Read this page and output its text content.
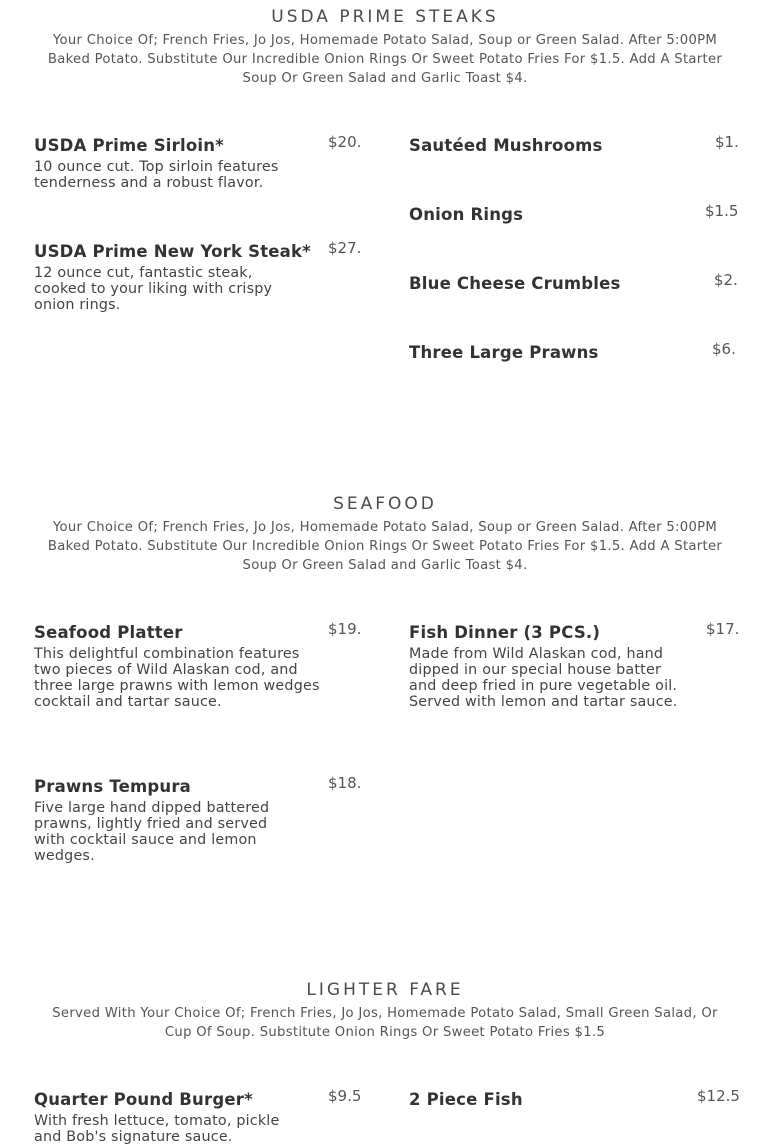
USDA PRIME STEAKS

Your Choice Of; French Fries, Jo Jos, Homemade Potato Salad, Soup or Green Salad. After 5:00PM Baked Potato. Substitute Our Incredible Onion Rings Or Sweet Potato Fries For $1.5. Add A Starter Soup Or Green Salad and Garlic Toast $4.

USDA Prime Sirloin*	$20.
10 ounce cut. Top sirloin features tenderness and a robust flavor.
USDA Prime New York Steak*	$27.
12 ounce cut, fantastic steak, cooked to your liking with crispy onion rings.
Sautéed Mushrooms	$1.
Onion Rings	$1.5
Blue Cheese Crumbles	$2.
Three Large Prawns	$6.
SEAFOOD

Your Choice Of; French Fries, Jo Jos, Homemade Potato Salad, Soup or Green Salad. After 5:00PM Baked Potato. Substitute Our Incredible Onion Rings Or Sweet Potato Fries For $1.5. Add A Starter Soup Or Green Salad and Garlic Toast $4.

Seafood Platter	$19.
This delightful combination features two pieces of Wild Alaskan cod, and three large prawns with lemon wedges cocktail and tartar sauce.
Fish Dinner (3 PCS.)	$17.
Made from Wild Alaskan cod, hand dipped in our special house batter and deep fried in pure vegetable oil. Served with lemon and tartar sauce.
Prawns Tempura	$18.
Five large hand dipped battered prawns, lightly fried and served with cocktail sauce and lemon wedges.
LIGHTER FARE

Served With Your Choice Of; French Fries, Jo Jos, Homemade Potato Salad, Small Green Salad, Or Cup Of Soup. Substitute Onion Rings Or Sweet Potato Fries $1.5

Quarter Pound Burger*	$9.5
With fresh lettuce, tomato, pickle and Bob's signature sauce.
2 Piece Fish	$12.5
